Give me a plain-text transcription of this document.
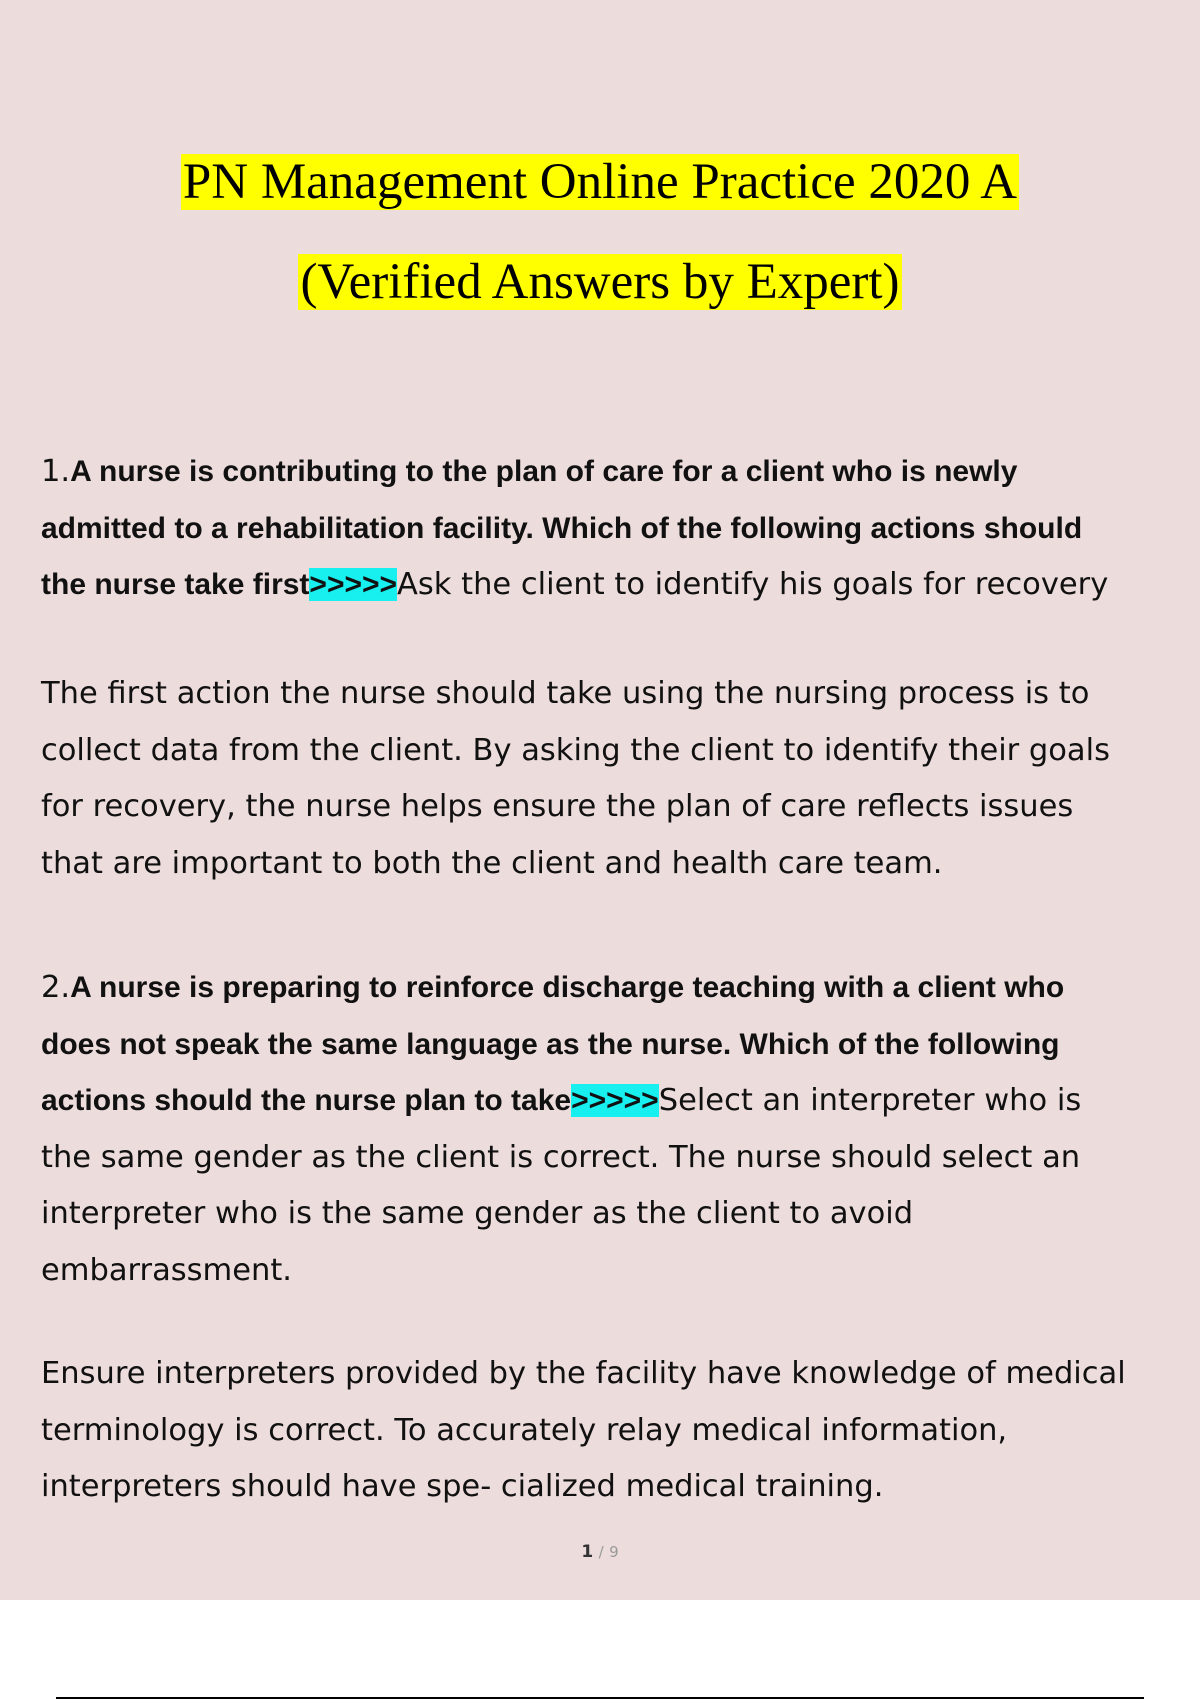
PN Management Online Practice 2020 A
(Verified Answers by Expert)
1.A nurse is contributing to the plan of care for a client who is newly
admitted to a rehabilitation facility. Which of the following actions should
the nurse take first>>>>>Ask the client to identify his goals for recovery
The first action the nurse should take using the nursing process is to
collect data from the client. By asking the client to identify their goals
for recovery, the nurse helps ensure the plan of care reflects issues
that are important to both the client and health care team.
2.A nurse is preparing to reinforce discharge teaching with a client who
does not speak the same language as the nurse. Which of the following
actions should the nurse plan to take>>>>>Select an interpreter who is
the same gender as the client is correct. The nurse should select an
interpreter who is the same gender as the client to avoid
embarrassment.
Ensure interpreters provided by the facility have knowledge of medical
terminology is correct. To accurately relay medical information,
interpreters should have spe- cialized medical training.
1 / 9
